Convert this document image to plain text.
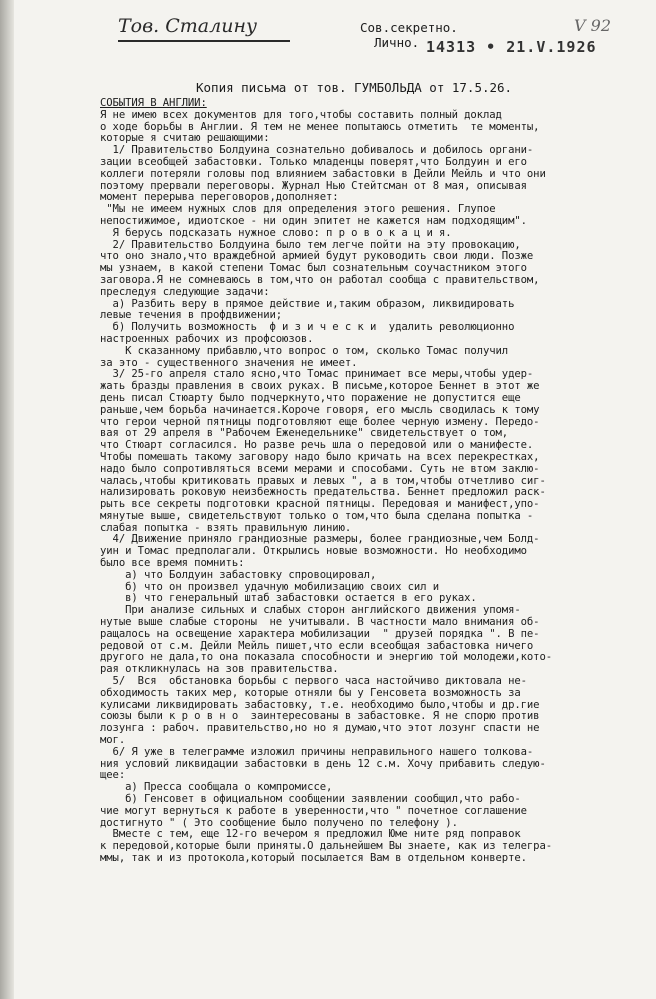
Тов. Сталину	V 92
Сов.секретно.
Лично. 14313 • 21.V.1926
Копия письма от тов. ГУМБОЛЬДА от 17.5.26.

СОБЫТИЯ В АНГЛИИ:

Я не имею всех документов для того,чтобы составить полный доклад

о ходе борьбы в Англии. Я тем не менее попытаюсь отметить  те моменты,

которые я считаю решающими:

1/ Правительство Болдуина сознательно добивалось и добилось органи-

зации всеобщей забастовки. Только младенцы поверят,что Болдуин и его

коллеги потеряли головы под влиянием забастовки в Дейли Мейль и что они

поэтому прервали переговоры. Журнал Нью Стейтсман от 8 мая, описывая

момент перерыва переговоров,дополняет:

"Мы не имеем нужных слов для определения этого решения. Глупое

непостижимое, идиотское - ни один эпитет не кажется нам подходящим".

Я берусь подсказать нужное слово: п р о в о к а ц и я.

2/ Правительство Болдуина было тем легче пойти на эту провокацию,

что оно знало,что враждебной армией будут руководить свои люди. Позже

мы узнаем, в какой степени Томас был сознательным соучастником этого

заговора.Я не сомневаюсь в том,что он работал сообща с правительством,

преследуя следующие задачи:

а) Разбить веру в прямое действие и,таким образом, ликвидировать

левые течения в профдвижении;

б) Получить возможность  ф и з и ч е с к и  удалить революционно

настроенных рабочих из профсоюзов.

К сказанному прибавлю,что вопрос о том, сколько Томас получил

за это - существенного значения не имеет.

3/ 25-го апреля стало ясно,что Томас принимает все меры,чтобы удер-

жать бразды правления в своих руках. В письме,которое Беннет в этот же

день писал Стюарту было подчеркнуто,что поражение не допустится еще

раньше,чем борьба начинается.Короче говоря, его мысль сводилась к тому

что герои черной пятницы подготовляют еще более черную измену. Передо-

вая от 29 апреля в "Рабочем Еженедельнике" свидетельствует о том,

что Стюарт согласился. Но разве речь шла о передовой или о манифесте.

Чтобы помешать такому заговору надо было кричать на всех перекрестках,

надо было сопротивляться всеми мерами и способами. Суть не втом заклю-

чалась,чтобы критиковать правых и левых ", а в том,чтобы отчетливо сиг-

нализировать роковую неизбежность предательства. Беннет предложил раск-

рыть все секреты подготовки красной пятницы. Передовая и манифест,упо-

мянутые выше, свидетельствуют только о том,что была сделана попытка -

слабая попытка - взять правильную линию.

4/ Движение приняло грандиозные размеры, более грандиозные,чем Болд-

уин и Томас предполагали. Открылись новые возможности. Но необходимо

было все время помнить:

а) что Болдуин забастовку спровоцировал,

б) что он произвел удачную мобилизацию своих сил и

в) что генеральный штаб забастовки остается в его руках.

При анализе сильных и слабых сторон английского движения упомя-

нутые выше слабые стороны  не учитывали. В частности мало внимания об-

ращалось на освещение характера мобилизации  " друзей порядка ". В пе-

редовой от с.м. Дейли Мейль пишет,что если всеобщая забастовка ничего

другого не дала,то она показала способности и энергию той молодежи,кото-

рая откликнулась на зов правительства.

5/  Вся  обстановка борьбы с первого часа настойчиво диктовала не-

обходимость таких мер, которые отняли бы у Генсовета возможность за

кулисами ликвидировать забастовку, т.е. необходимо было,чтобы и др.гие

союзы были к р о в н о  заинтересованы в забастовке. Я не спорю против

лозунга : рабоч. правительство,но но я думаю,что этот лозунг спасти не

мог.

6/ Я уже в телеграмме изложил причины неправильного нашего толкова-

ния условий ликвидации забастовки в день 12 с.м. Хочу прибавить следую-

щее:

а) Пресса сообщала о компромиссе,

б) Генсовет в официальном сообщении заявлении сообщил,что рабо-

чие могут вернуться к работе в уверенности,что " почетное соглашение

достигнуто " ( Это сообщение было получено по телефону ).

Вместе с тем, еще 12-го вечером я предложил Юме ните ряд поправок

к передовой,которые были приняты.О дальнейшем Вы знаете, как из телегра-

ммы, так и из протокола,который посылается Вам в отдельном конверте.
